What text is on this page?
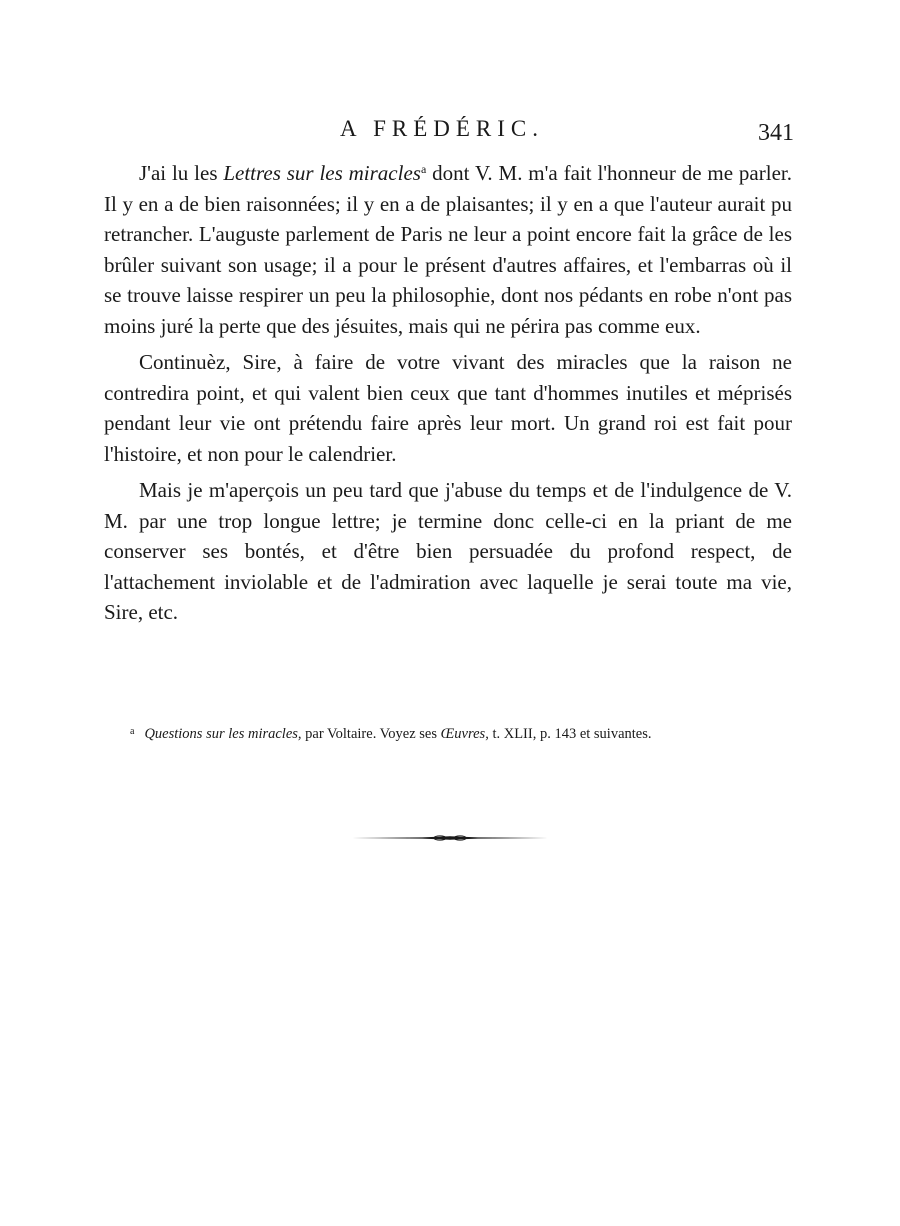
A FRÉDÉRIC.	341

J'ai lu les Lettres sur les miracles$^a$ dont V. M. m'a fait l'honneur de me parler. Il y en a de bien raisonnées; il y en a de plaisantes; il y en a que l'auteur aurait pu retrancher. L'auguste parlement de Paris ne leur a point encore fait la grâce de les brûler suivant son usage; il a pour le présent d'autres affaires, et l'embarras où il se trouve laisse respirer un peu la philosophie, dont nos pédants en robe n'ont pas moins juré la perte que des jésuites, mais qui ne périra pas comme eux.

Continuèz, Sire, à faire de votre vivant des miracles que la raison ne contredira point, et qui valent bien ceux que tant d'hommes inutiles et méprisés pendant leur vie ont prétendu faire après leur mort. Un grand roi est fait pour l'histoire, et non pour le calendrier.

Mais je m'aperçois un peu tard que j'abuse du temps et de l'indulgence de V. M. par une trop longue lettre; je termine donc celle-ci en la priant de me conserver ses bontés, et d'être bien persuadée du profond respect, de l'attachement inviolable et de l'admiration avec laquelle je serai toute ma vie, Sire, etc.

$^a$ Questions sur les miracles, par Voltaire. Voyez ses Œuvres, t. XLII, p. 143 et suivantes.
